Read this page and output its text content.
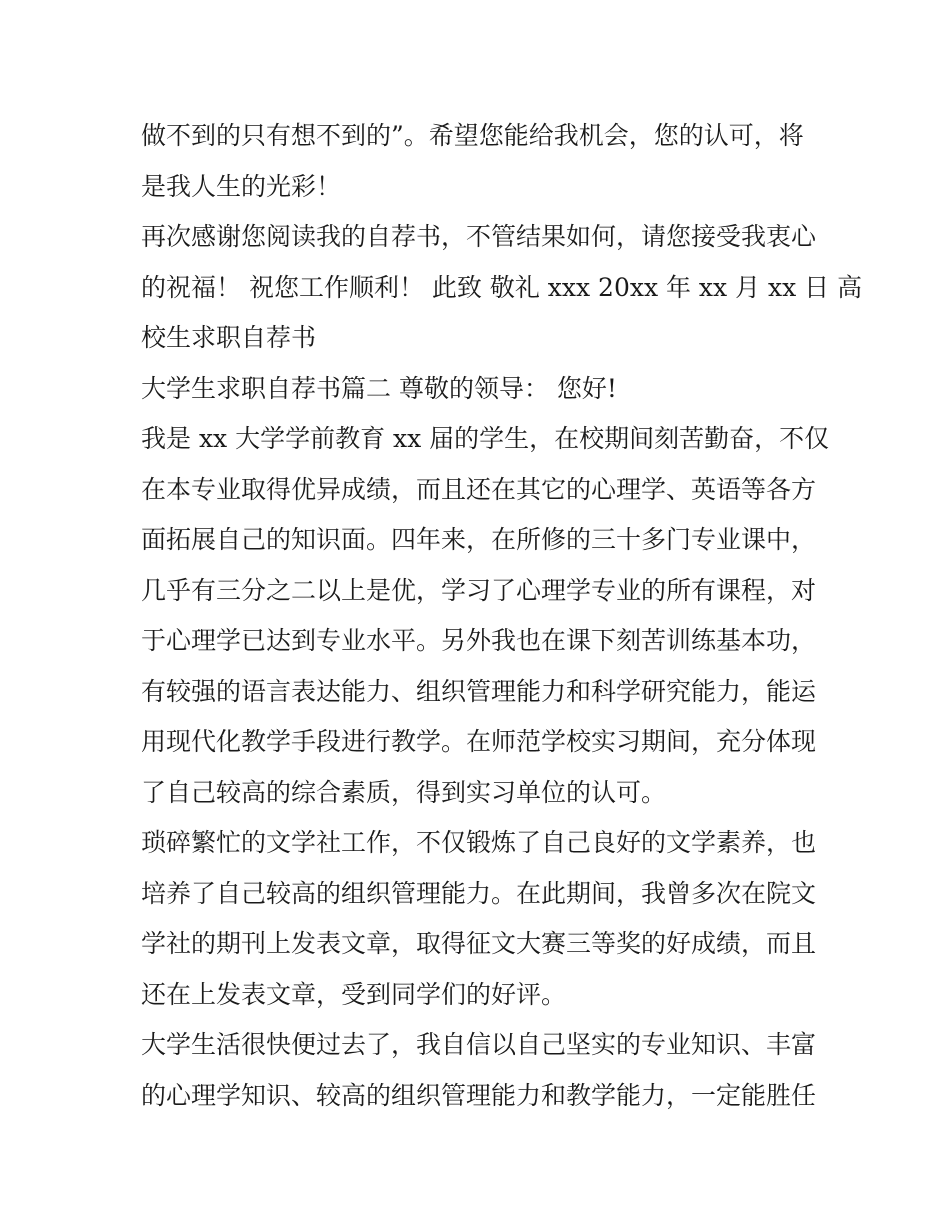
做不到的只有想不到的”。希望您能给我机会，您的认可，将
是我人生的光彩！
再次感谢您阅读我的自荐书，不管结果如何，请您接受我衷心
的祝福！ 祝您工作顺利！ 此致 敬礼 xxx 20xx 年 xx 月 xx 日 高
校生求职自荐书
大学生求职自荐书篇二 尊敬的领导： 您好!
我是 xx 大学学前教育 xx 届的学生，在校期间刻苦勤奋，不仅
在本专业取得优异成绩，而且还在其它的心理学、英语等各方
面拓展自己的知识面。四年来，在所修的三十多门专业课中，
几乎有三分之二以上是优，学习了心理学专业的所有课程，对
于心理学已达到专业水平。另外我也在课下刻苦训练基本功，
有较强的语言表达能力、组织管理能力和科学研究能力，能运
用现代化教学手段进行教学。在师范学校实习期间，充分体现
了自己较高的综合素质，得到实习单位的认可。
琐碎繁忙的文学社工作，不仅锻炼了自己良好的文学素养，也
培养了自己较高的组织管理能力。在此期间，我曾多次在院文
学社的期刊上发表文章，取得征文大赛三等奖的好成绩，而且
还在上发表文章，受到同学们的好评。
大学生活很快便过去了，我自信以自己坚实的专业知识、丰富
的心理学知识、较高的组织管理能力和教学能力，一定能胜任
